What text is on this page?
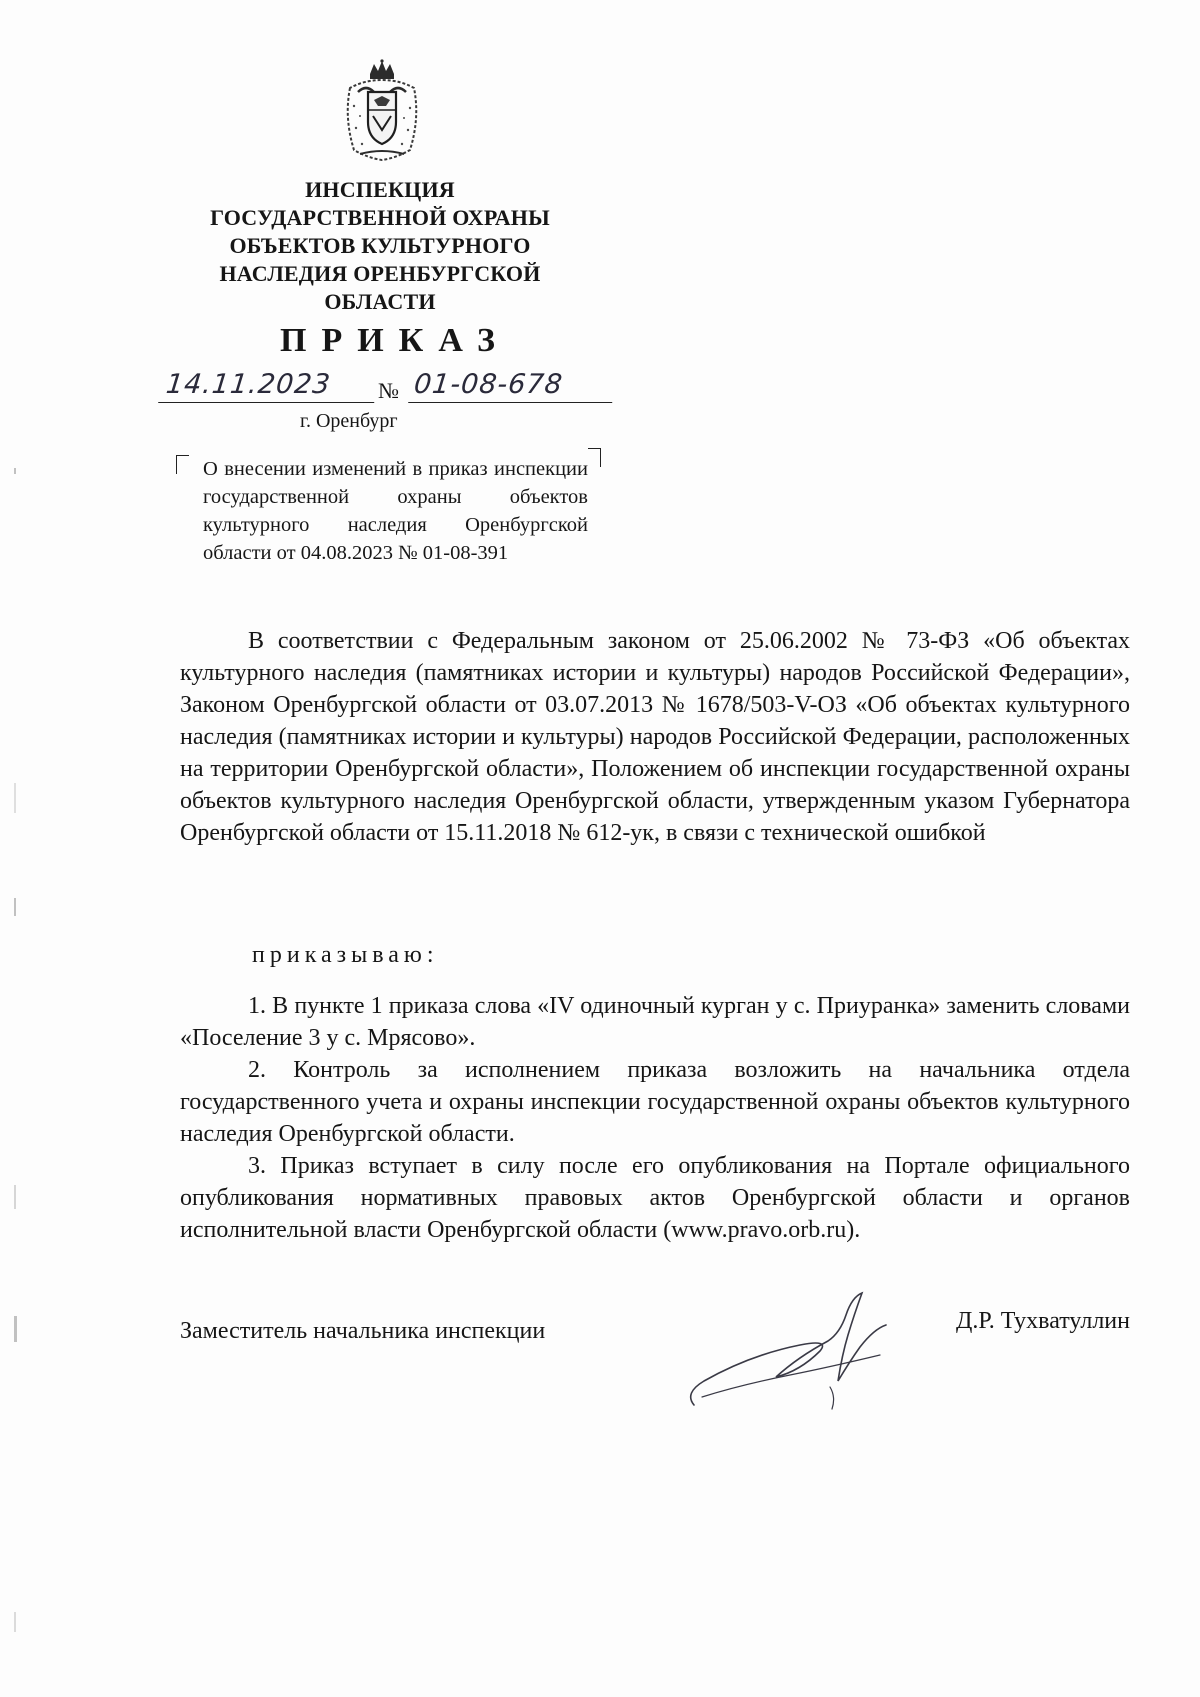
ИНСПЕКЦИЯ
ГОСУДАРСТВЕННОЙ ОХРАНЫ
ОБЪЕКТОВ КУЛЬТУРНОГО
НАСЛЕДИЯ ОРЕНБУРГСКОЙ
ОБЛАСТИ
ПРИКАЗ
14.11.2023	№ 01-08-678
г. Оренбург
О внесении изменений в приказ инспекции государственной охраны объектов культурного наследия Оренбургской области от 04.08.2023 № 01-08-391
В соответствии с Федеральным законом от 25.06.2002 № 73-ФЗ «Об объектах культурного наследия (памятниках истории и культуры) народов Российской Федерации», Законом Оренбургской области от 03.07.2013 № 1678/503-V-ОЗ «Об объектах культурного наследия (памятниках истории и культуры) народов Российской Федерации, расположенных на территории Оренбургской области», Положением об инспекции государственной охраны объектов культурного наследия Оренбургской области, утвержденным указом Губернатора Оренбургской области от 15.11.2018 № 612-ук, в связи с технической ошибкой
приказываю:

1. В пункте 1 приказа слова «IV одиночный курган у с. Приуранка» заменить словами «Поселение 3 у с. Мрясово».

2. Контроль за исполнением приказа возложить на начальника отдела государственного учета и охраны инспекции государственной охраны объектов культурного наследия Оренбургской области.

3. Приказ вступает в силу после его опубликования на Портале официального опубликования нормативных правовых актов Оренбургской области и органов исполнительной власти Оренбургской области (www.pravo.orb.ru).

Заместитель начальника инспекции	Д.Р. Тухватуллин
